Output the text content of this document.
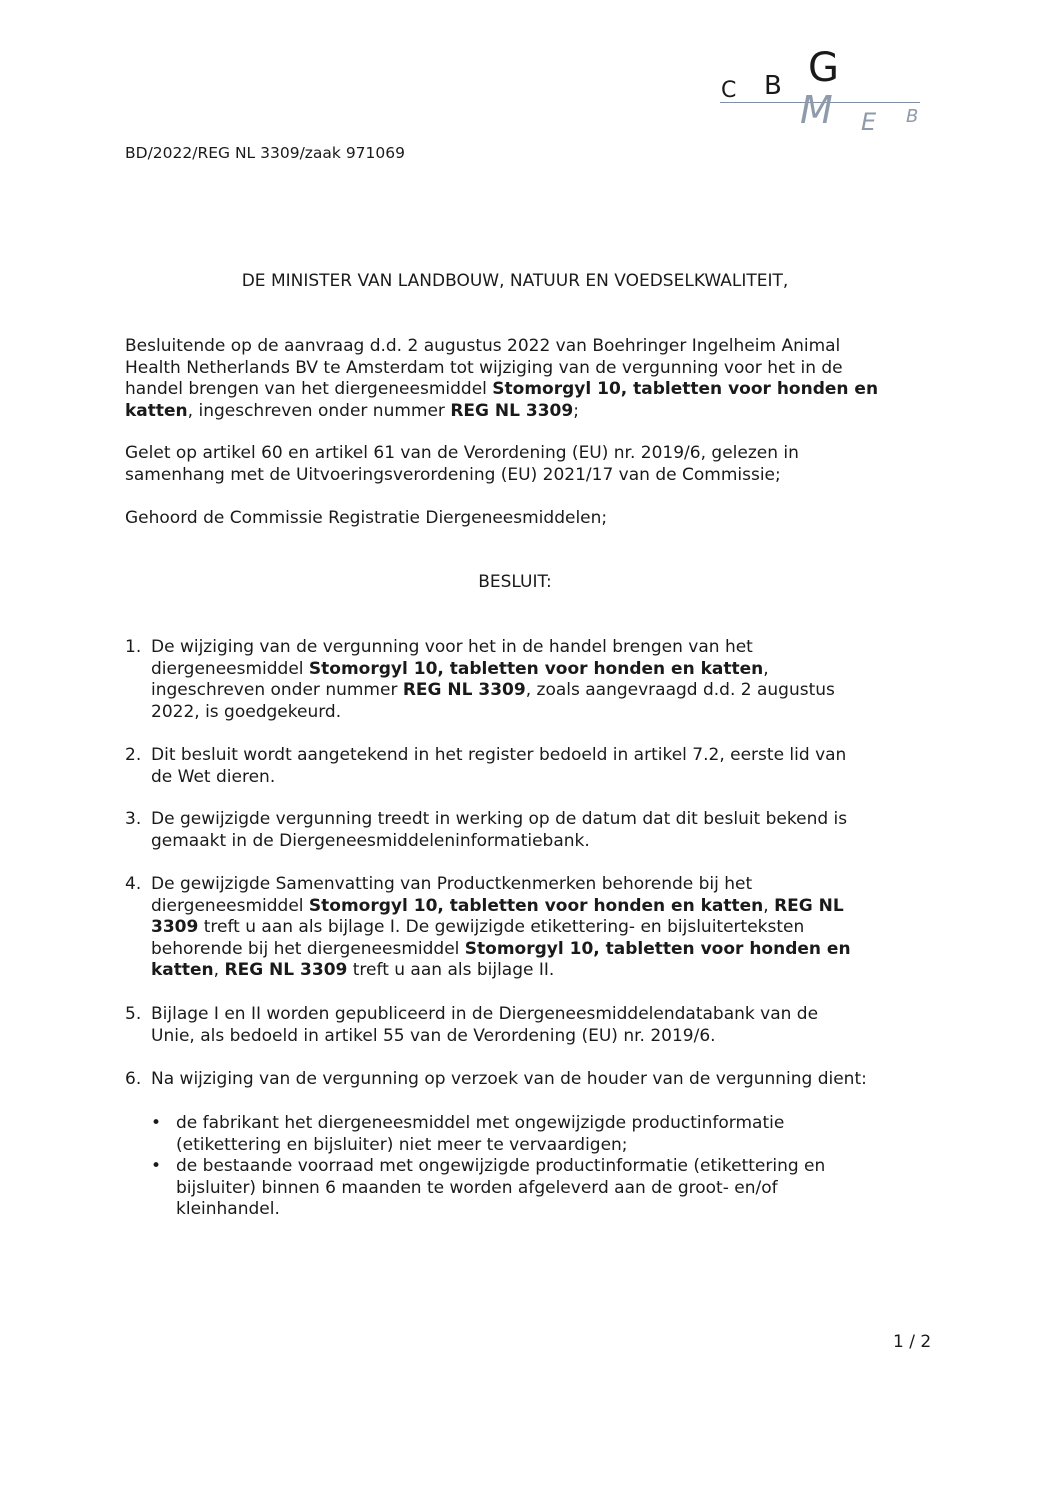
C B G
M E B
BD/2022/REG NL 3309/zaak 971069
DE MINISTER VAN LANDBOUW, NATUUR EN VOEDSELKWALITEIT,
Besluitende op de aanvraag d.d. 2 augustus 2022 van Boehringer Ingelheim Animal
Health Netherlands BV te Amsterdam tot wijziging van de vergunning voor het in de
handel brengen van het diergeneesmiddel Stomorgyl 10, tabletten voor honden en
katten, ingeschreven onder nummer REG NL 3309;
Gelet op artikel 60 en artikel 61 van de Verordening (EU) nr. 2019/6, gelezen in
samenhang met de Uitvoeringsverordening (EU) 2021/17 van de Commissie;
Gehoord de Commissie Registratie Diergeneesmiddelen;
BESLUIT:
1. De wijziging van de vergunning voor het in de handel brengen van het
diergeneesmiddel Stomorgyl 10, tabletten voor honden en katten,
ingeschreven onder nummer REG NL 3309, zoals aangevraagd d.d. 2 augustus
2022, is goedgekeurd.
2. Dit besluit wordt aangetekend in het register bedoeld in artikel 7.2, eerste lid van
de Wet dieren.
3. De gewijzigde vergunning treedt in werking op de datum dat dit besluit bekend is
gemaakt in de Diergeneesmiddeleninformatiebank.
4. De gewijzigde Samenvatting van Productkenmerken behorende bij het
diergeneesmiddel Stomorgyl 10, tabletten voor honden en katten, REG NL
3309 treft u aan als bijlage I. De gewijzigde etikettering- en bijsluiterteksten
behorende bij het diergeneesmiddel Stomorgyl 10, tabletten voor honden en
katten, REG NL 3309 treft u aan als bijlage II.
5. Bijlage I en II worden gepubliceerd in de Diergeneesmiddelendatabank van de
Unie, als bedoeld in artikel 55 van de Verordening (EU) nr. 2019/6.
6. Na wijziging van de vergunning op verzoek van de houder van de vergunning dient:
• de fabrikant het diergeneesmiddel met ongewijzigde productinformatie
(etikettering en bijsluiter) niet meer te vervaardigen;
• de bestaande voorraad met ongewijzigde productinformatie (etikettering en
bijsluiter) binnen 6 maanden te worden afgeleverd aan de groot- en/of
kleinhandel.
1 / 2
